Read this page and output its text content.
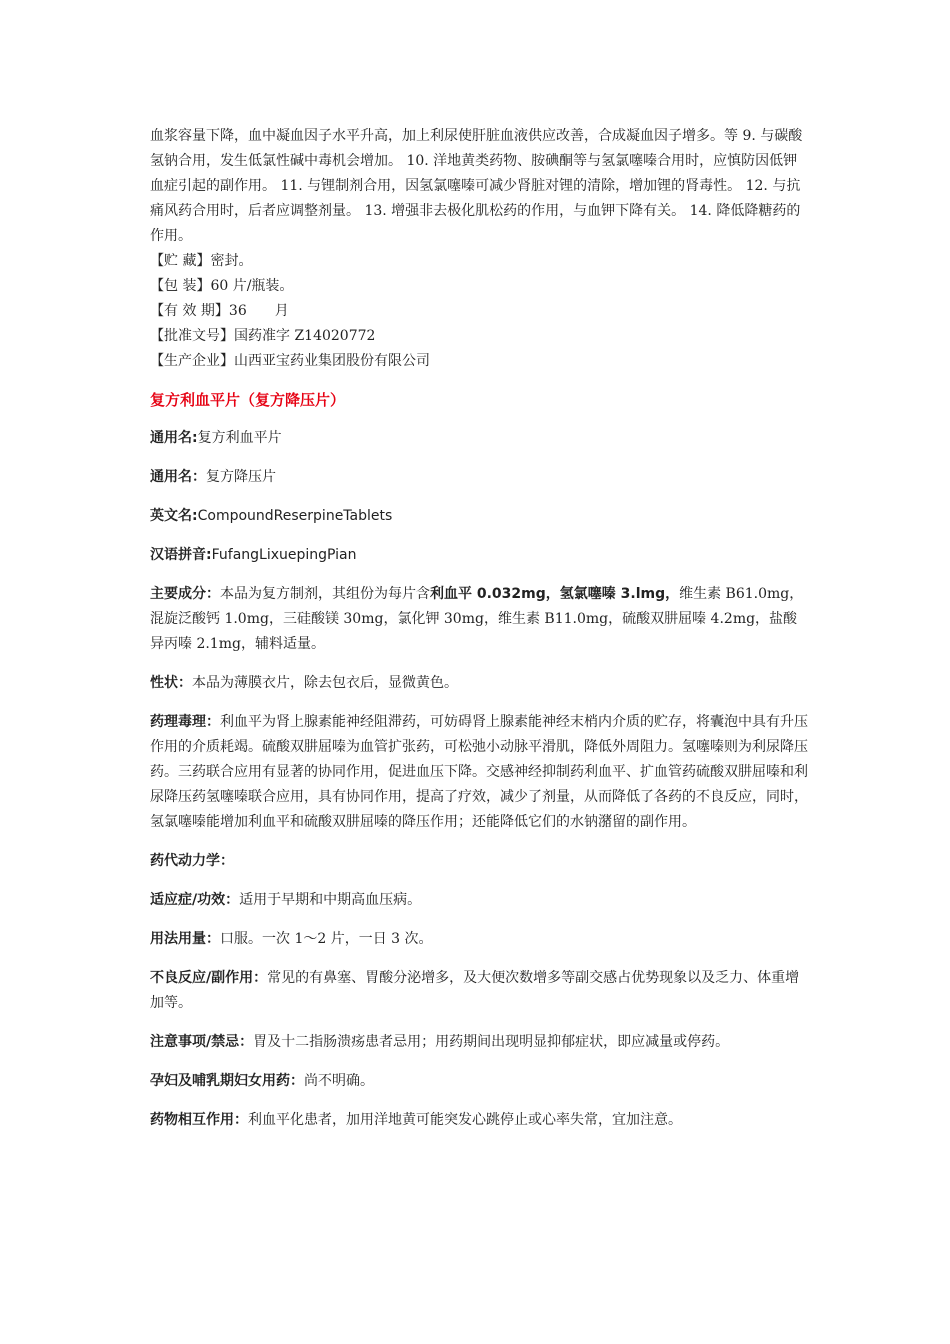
血浆容量下降，血中凝血因子水平升高，加上利尿使肝脏血液供应改善，合成凝血因子增多。等 9. 与碳酸氢钠合用，发生低氯性碱中毒机会增加。 10. 洋地黄类药物、胺碘酮等与氢氯噻嗪合用时，应慎防因低钾血症引起的副作用。 11. 与锂制剂合用，因氢氯噻嗪可减少肾脏对锂的清除，增加锂的肾毒性。 12. 与抗痛风药合用时，后者应调整剂量。 13. 增强非去极化肌松药的作用，与血钾下降有关。 14. 降低降糖药的作用。
【贮 藏】密封。
【包 装】60 片/瓶装。
【有 效 期】36　　月
【批准文号】国药准字 Z14020772
【生产企业】山西亚宝药业集团股份有限公司
复方利血平片（复方降压片）
通用名:复方利血平片
通用名：复方降压片
英文名:CompoundReserpineTablets
汉语拼音:FufangLixuepingPian
主要成分：本品为复方制剂，其组份为每片含利血平 0.032mg，氢氯噻嗪 3.lmg，维生素 B61.0mg，混旋泛酸钙 1.0mg，三硅酸镁 30mg，氯化钾 30mg，维生素 B11.0mg，硫酸双肼屈嗪 4.2mg，盐酸异丙嗪 2.1mg，辅料适量。
性状：本品为薄膜衣片，除去包衣后，显微黄色。
药理毒理：利血平为肾上腺素能神经阻滞药，可妨碍肾上腺素能神经末梢内介质的贮存，将囊泡中具有升压作用的介质耗竭。硫酸双肼屈嗪为血管扩张药，可松弛小动脉平滑肌，降低外周阻力。氢噻嗪则为利尿降压药。三药联合应用有显著的协同作用，促进血压下降。交感神经抑制药利血平、扩血管药硫酸双肼屈嗪和利尿降压药氢噻嗪联合应用，具有协同作用，提高了疗效，减少了剂量，从而降低了各药的不良反应，同时，氢氯噻嗪能增加利血平和硫酸双肼屈嗪的降压作用；还能降低它们的水钠潴留的副作用。
药代动力学：
适应症/功效：适用于早期和中期高血压病。
用法用量：口服。一次 1～2 片，一日 3 次。
不良反应/副作用：常见的有鼻塞、胃酸分泌增多，及大便次数增多等副交感占优势现象以及乏力、体重增加等。
注意事项/禁忌：胃及十二指肠溃疡患者忌用；用药期间出现明显抑郁症状，即应减量或停药。
孕妇及哺乳期妇女用药：尚不明确。
药物相互作用：利血平化患者，加用洋地黄可能突发心跳停止或心率失常，宜加注意。
